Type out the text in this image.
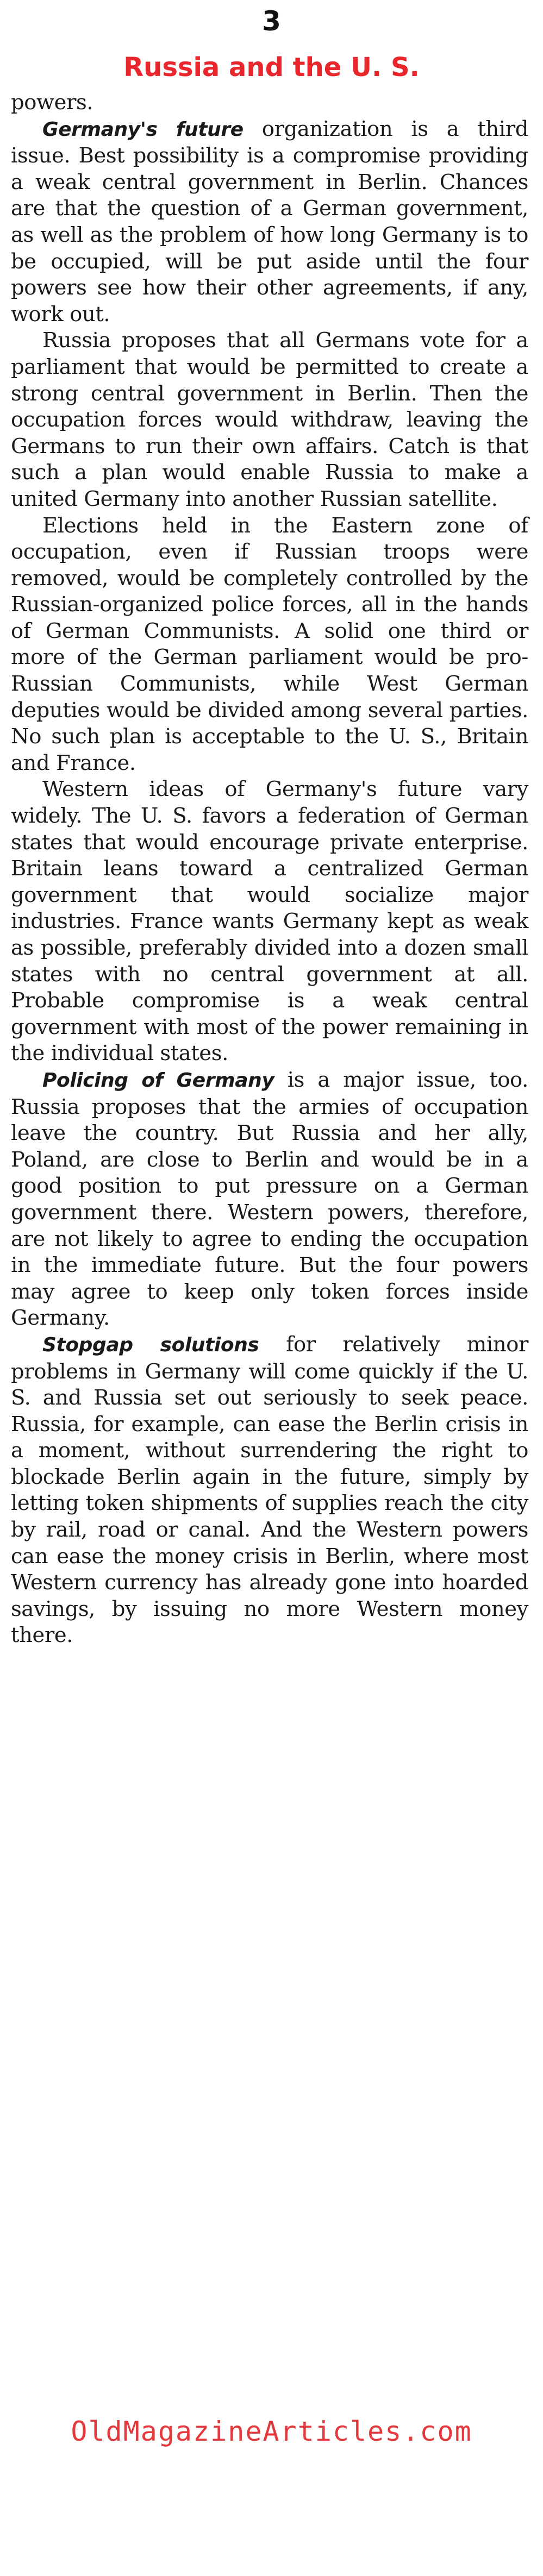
3
Russia and the U. S.

powers.

Germany's future organization is a third issue. Best possibility is a compromise providing a weak central government in Berlin. Chances are that the question of a German government, as well as the problem of how long Germany is to be occupied, will be put aside until the four powers see how their other agreements, if any, work out.

Russia proposes that all Germans vote for a parliament that would be permitted to create a strong central government in Berlin. Then the occupation forces would withdraw, leaving the Germans to run their own affairs. Catch is that such a plan would enable Russia to make a united Germany into another Russian satellite.

Elections held in the Eastern zone of occupation, even if Russian troops were removed, would be completely controlled by the Russian-organized police forces, all in the hands of German Communists. A solid one third or more of the German parliament would be pro-Russian Communists, while West German deputies would be divided among several parties. No such plan is acceptable to the U. S., Britain and France.

Western ideas of Germany's future vary widely. The U. S. favors a federation of German states that would encourage private enterprise. Britain leans toward a centralized German government that would socialize major industries. France wants Germany kept as weak as possible, preferably divided into a dozen small states with no central government at all. Probable compromise is a weak central government with most of the power remaining in the individual states.

Policing of Germany is a major issue, too. Russia proposes that the armies of occupation leave the country. But Russia and her ally, Poland, are close to Berlin and would be in a good position to put pressure on a German government there. Western powers, therefore, are not likely to agree to ending the occupation in the immediate future. But the four powers may agree to keep only token forces inside Germany.

Stopgap solutions for relatively minor problems in Germany will come quickly if the U. S. and Russia set out seriously to seek peace. Russia, for example, can ease the Berlin crisis in a moment, without surrendering the right to blockade Berlin again in the future, simply by letting token shipments of supplies reach the city by rail, road or canal. And the Western powers can ease the money crisis in Berlin, where most Western currency has already gone into hoarded savings, by issuing no more Western money there.

OldMagazineArticles.com
